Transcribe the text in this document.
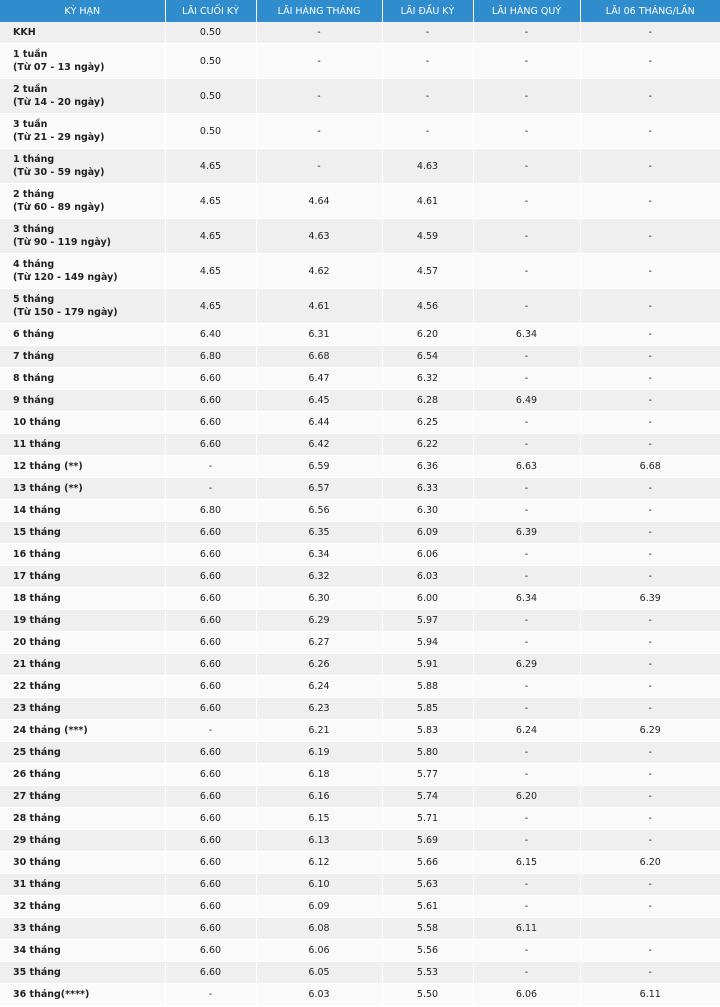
KỲ HẠN	LÃI CUỐI KỲ	LÃI HÀNG THÁNG	LÃI ĐẦU KỲ	LÃI HÀNG QUÝ	LÃI 06 THÁNG/LẦN
KKH	0.50	-	-	-	-
1 tuần
(Từ 07 - 13 ngày)	0.50	-	-	-	-
2 tuần
(Từ 14 - 20 ngày)	0.50	-	-	-	-
3 tuần
(Từ 21 - 29 ngày)	0.50	-	-	-	-
1 tháng
(Từ 30 - 59 ngày)	4.65	-	4.63	-	-
2 tháng
(Từ 60 - 89 ngày)	4.65	4.64	4.61	-	-
3 tháng
(Từ 90 - 119 ngày)	4.65	4.63	4.59	-	-
4 tháng
(Từ 120 - 149 ngày)	4.65	4.62	4.57	-	-
5 tháng
(Từ 150 - 179 ngày)	4.65	4.61	4.56	-	-
6 tháng	6.40	6.31	6.20	6.34	-
7 tháng	6.80	6.68	6.54	-	-
8 tháng	6.60	6.47	6.32	-	-
9 tháng	6.60	6.45	6.28	6.49	-
10 tháng	6.60	6.44	6.25	-	-
11 tháng	6.60	6.42	6.22	-	-
12 tháng (**)	-	6.59	6.36	6.63	6.68
13 tháng (**)	-	6.57	6.33	-	-
14 tháng	6.80	6.56	6.30	-	-
15 tháng	6.60	6.35	6.09	6.39	-
16 tháng	6.60	6.34	6.06	-	-
17 tháng	6.60	6.32	6.03	-	-
18 tháng	6.60	6.30	6.00	6.34	6.39
19 tháng	6.60	6.29	5.97	-	-
20 tháng	6.60	6.27	5.94	-	-
21 tháng	6.60	6.26	5.91	6.29	-
22 tháng	6.60	6.24	5.88	-	-
23 tháng	6.60	6.23	5.85	-	-
24 tháng (***)	-	6.21	5.83	6.24	6.29
25 tháng	6.60	6.19	5.80	-	-
26 tháng	6.60	6.18	5.77	-	-
27 tháng	6.60	6.16	5.74	6.20	-
28 tháng	6.60	6.15	5.71	-	-
29 tháng	6.60	6.13	5.69	-	-
30 tháng	6.60	6.12	5.66	6.15	6.20
31 tháng	6.60	6.10	5.63	-	-
32 tháng	6.60	6.09	5.61	-	-
33 tháng	6.60	6.08	5.58	6.11	
34 tháng	6.60	6.06	5.56	-	-
35 tháng	6.60	6.05	5.53	-	-
36 tháng(****)	-	6.03	5.50	6.06	6.11
